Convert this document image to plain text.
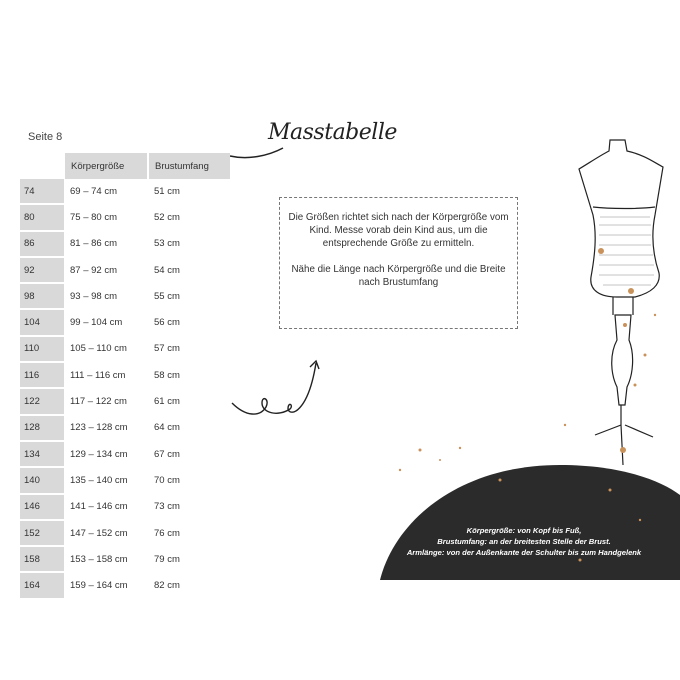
Seite 8	Masstabelle
	Körpergröße	Brustumfang
74	69 – 74 cm	51 cm
80	75 – 80 cm	52 cm
86	81 – 86 cm	53 cm
92	87 – 92 cm	54 cm
98	93 – 98 cm	55 cm
104	99 – 104 cm	56 cm
110	105 – 110 cm	57 cm
116	111 – 116 cm	58 cm
122	117 – 122 cm	61 cm
128	123 – 128 cm	64 cm
134	129 – 134 cm	67 cm
140	135 – 140 cm	70 cm
146	141 – 146 cm	73 cm
152	147 – 152 cm	76 cm
158	153 – 158 cm	79 cm
164	159 – 164 cm	82 cm

Die Größen richtet sich nach der Körpergröße vom Kind. Messe vorab dein Kind aus, um die entsprechende Größe zu ermitteln.

Nähe die Länge nach Körpergröße und die Breite nach Brustumfang

Körpergröße: von Kopf bis Fuß,
Brustumfang: an der breitesten Stelle der Brust.
Armlänge: von der Außenkante der Schulter bis zum Handgelenk
